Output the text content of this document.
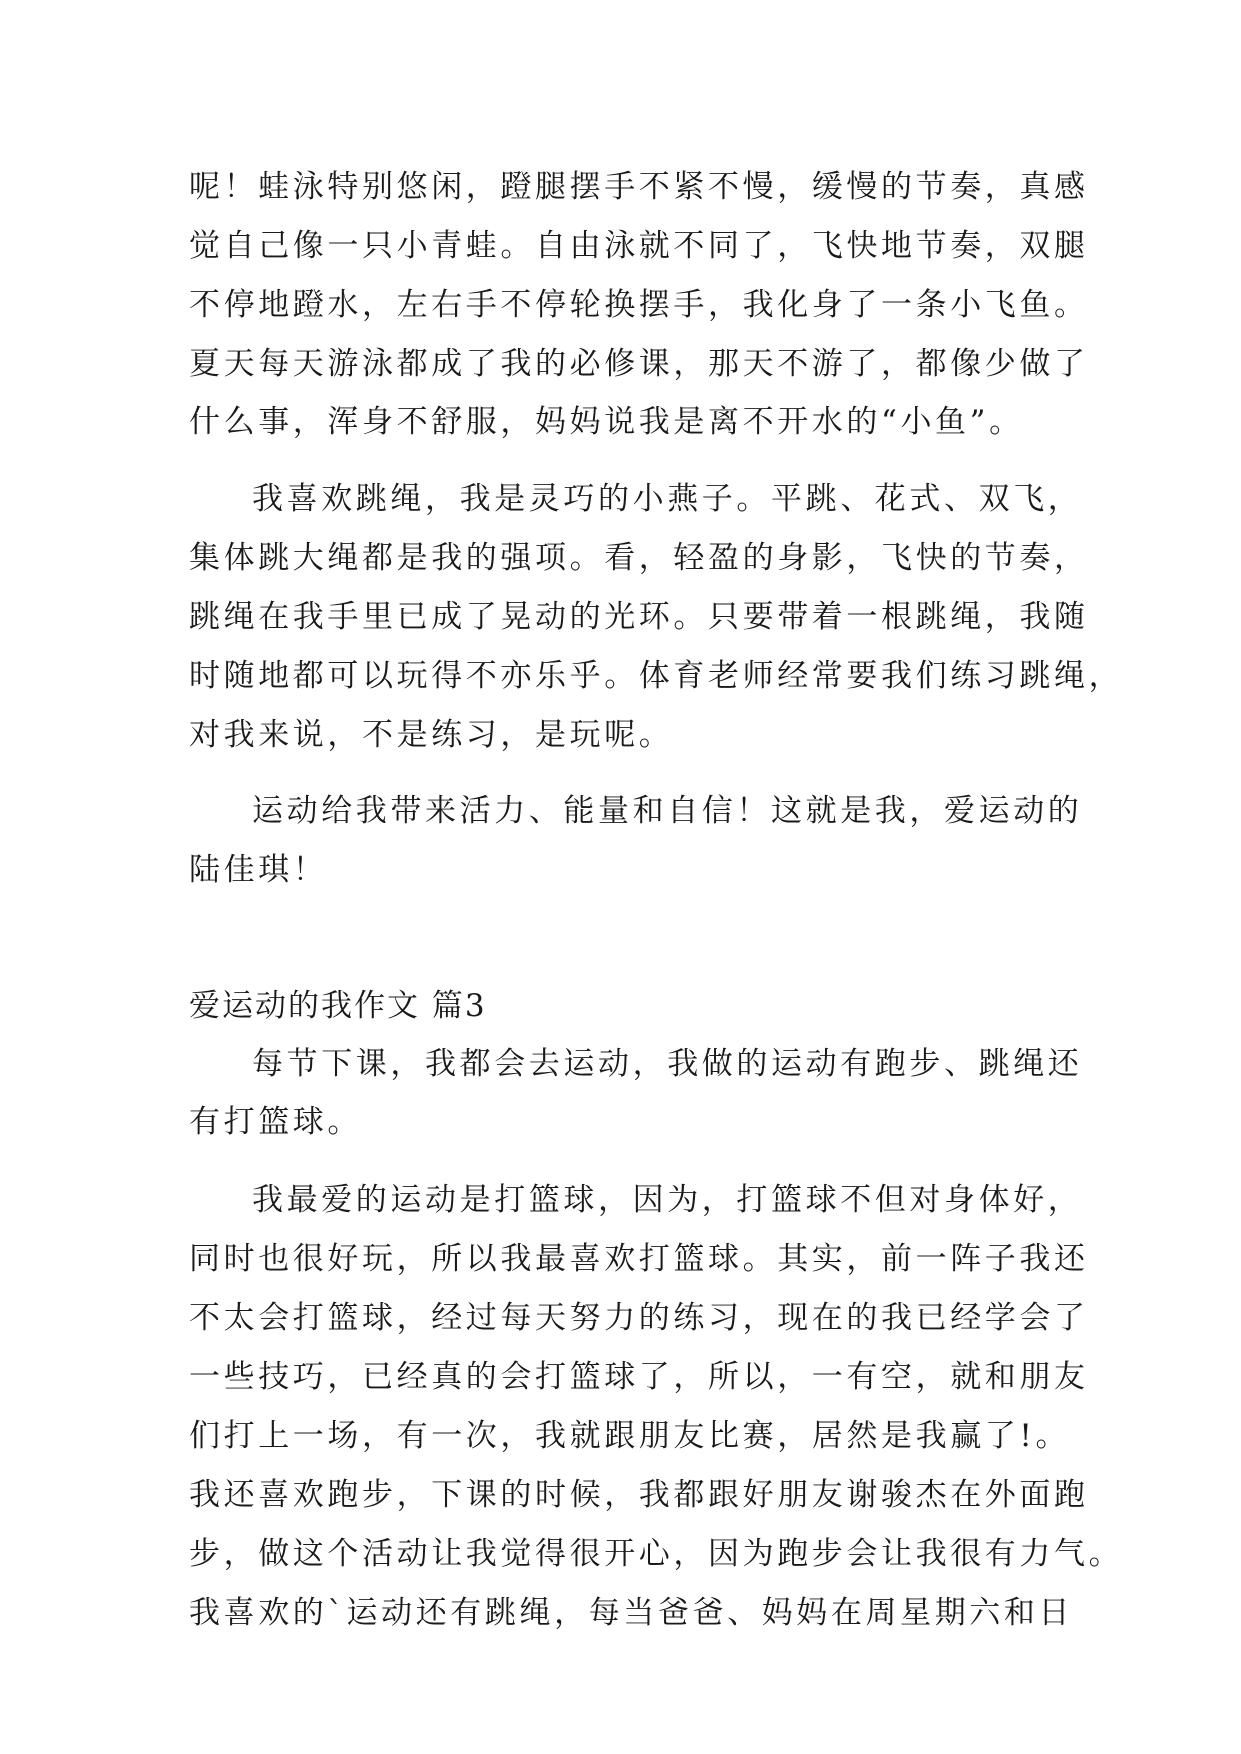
呢！蛙泳特别悠闲，蹬腿摆手不紧不慢，缓慢的节奏，真感
觉自己像一只小青蛙。自由泳就不同了，飞快地节奏，双腿
不停地蹬水，左右手不停轮换摆手，我化身了一条小飞鱼。
夏天每天游泳都成了我的必修课，那天不游了，都像少做了
什么事，浑身不舒服，妈妈说我是离不开水的“小鱼”。
我喜欢跳绳，我是灵巧的小燕子。平跳、花式、双飞，
集体跳大绳都是我的强项。看，轻盈的身影，飞快的节奏，
跳绳在我手里已成了晃动的光环。只要带着一根跳绳，我随
时随地都可以玩得不亦乐乎。体育老师经常要我们练习跳绳，
对我来说，不是练习，是玩呢。
运动给我带来活力、能量和自信！这就是我，爱运动的
陆佳琪！
爱运动的我作文 篇3
每节下课，我都会去运动，我做的运动有跑步、跳绳还
有打篮球。
我最爱的运动是打篮球，因为，打篮球不但对身体好，
同时也很好玩，所以我最喜欢打篮球。其实，前一阵子我还
不太会打篮球，经过每天努力的练习，现在的我已经学会了
一些技巧，已经真的会打篮球了，所以，一有空，就和朋友
们打上一场，有一次，我就跟朋友比赛，居然是我赢了!。
我还喜欢跑步，下课的时候，我都跟好朋友谢骏杰在外面跑
步，做这个活动让我觉得很开心，因为跑步会让我很有力气。
我喜欢的`运动还有跳绳，每当爸爸、妈妈在周星期六和日
